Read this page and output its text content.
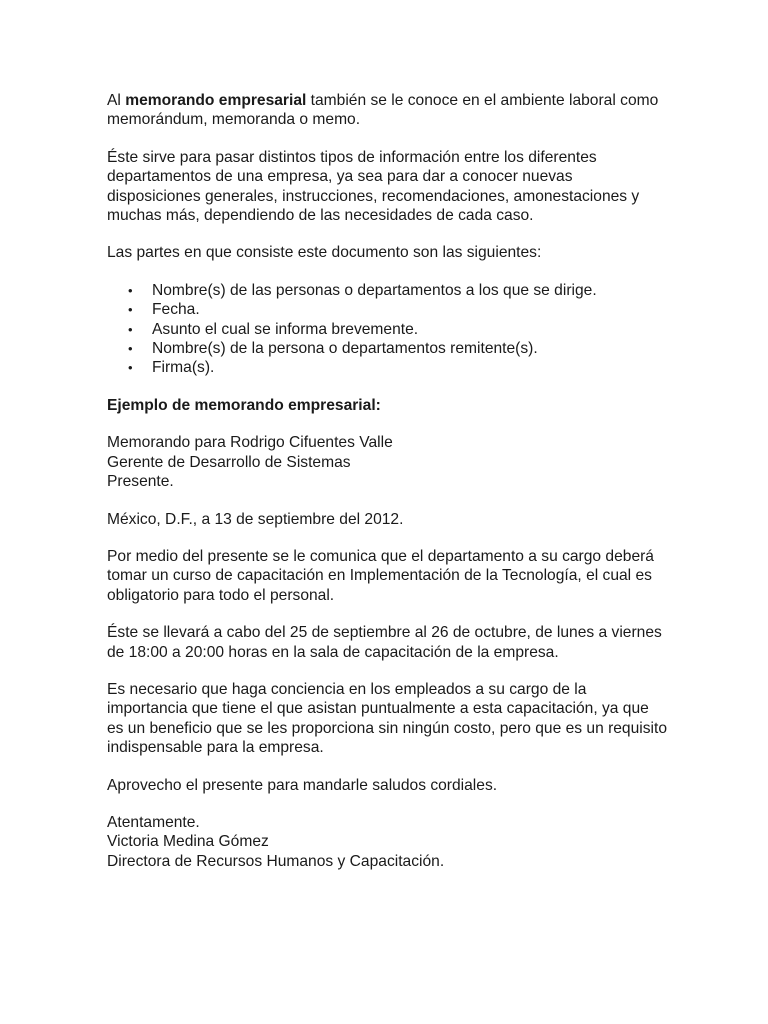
Al memorando empresarial también se le conoce en el ambiente laboral como memorándum, memoranda o memo.

Éste sirve para pasar distintos tipos de información entre los diferentes departamentos de una empresa, ya sea para dar a conocer nuevas disposiciones generales, instrucciones, recomendaciones, amonestaciones y muchas más, dependiendo de las necesidades de cada caso.

Las partes en que consiste este documento son las siguientes:

• Nombre(s) de las personas o departamentos a los que se dirige.
• Fecha.
• Asunto el cual se informa brevemente.
• Nombre(s) de la persona o departamentos remitente(s).
• Firma(s).

Ejemplo de memorando empresarial:

Memorando para Rodrigo Cifuentes Valle
Gerente de Desarrollo de Sistemas
Presente.

México, D.F., a 13 de septiembre del 2012.

Por medio del presente se le comunica que el departamento a su cargo deberá tomar un curso de capacitación en Implementación de la Tecnología, el cual es obligatorio para todo el personal.

Éste se llevará a cabo del 25 de septiembre al 26 de octubre, de lunes a viernes de 18:00 a 20:00 horas en la sala de capacitación de la empresa.

Es necesario que haga conciencia en los empleados a su cargo de la importancia que tiene el que asistan puntualmente a esta capacitación, ya que es un beneficio que se les proporciona sin ningún costo, pero que es un requisito indispensable para la empresa.

Aprovecho el presente para mandarle saludos cordiales.

Atentamente.
Victoria Medina Gómez
Directora de Recursos Humanos y Capacitación.
